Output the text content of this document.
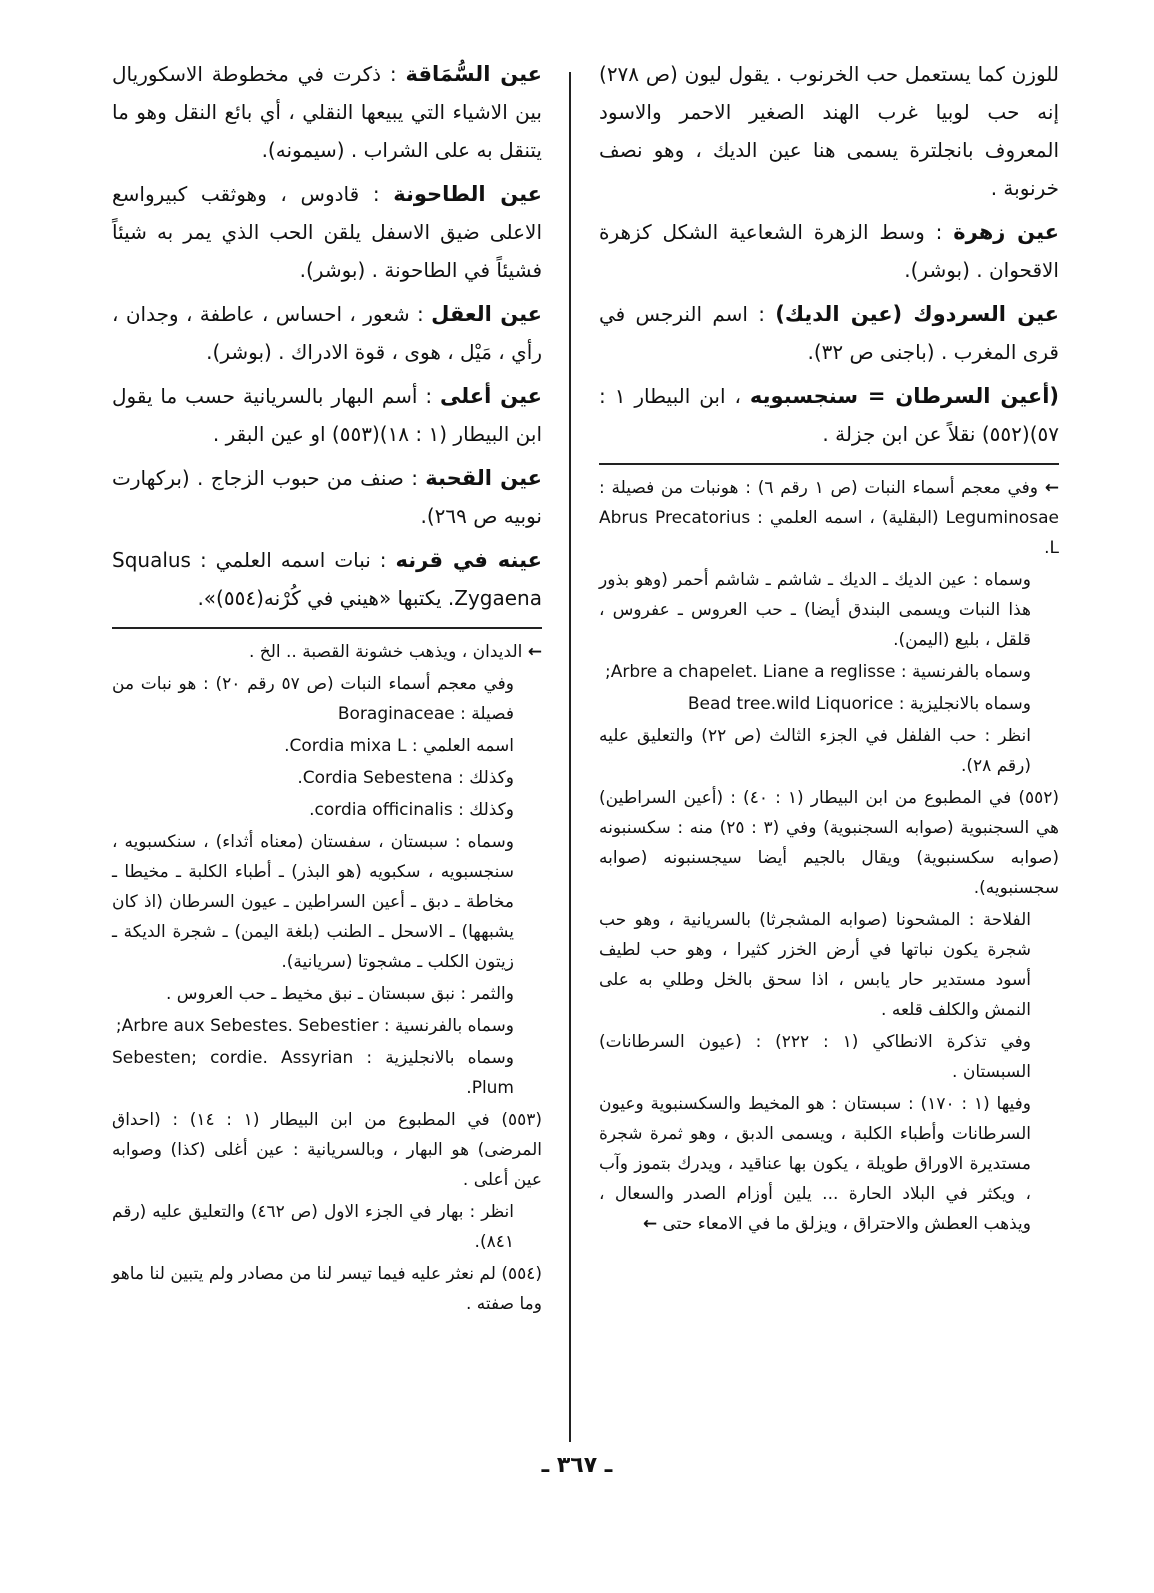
للوزن كما يستعمل حب الخرنوب . يقول ليون (ص ٢٧٨) إنه حب لوبيا غرب الهند الصغير الاحمر والاسود المعروف بانجلترة يسمى هنا عين الديك ، وهو نصف خرنوبة .

عين زهرة : وسط الزهرة الشعاعية الشكل كزهرة الاقحوان . (بوشر).

عين السردوك (عين الديك) : اسم النرجس في قرى المغرب . (باجنى ص ٣٢).

(أعين السرطان = سنجسبويه ، ابن البيطار ١ : ٥٧)(٥٥٢) نقلاً عن ابن جزلة .

← وفي معجم أسماء النبات (ص ١ رقم ٦) : هونبات من فصيلة : Leguminosae (البقلية) ، اسمه العلمي : Abrus Precatorius L.

وسماه : عين الديك ـ الديك ـ شاشم ـ شاشم أحمر (وهو بذور هذا النبات ويسمى البندق أيضا) ـ حب العروس ـ عفروس ، قلقل ، بليع (اليمن).

وسماه بالفرنسية : Arbre a chapelet. Liane a reglisse;

وسماه بالانجليزية : Bead tree.wild Liquorice

انظر : حب الفلفل في الجزء الثالث (ص ٢٢) والتعليق عليه (رقم ٢٨).

(٥٥٢) في المطبوع من ابن البيطار (١ : ٤٠) : (أعين السراطين) هي السجنبوية (صوابه السجنبوية) وفي (٣ : ٢٥) منه : سكسنبونه (صوابه سكسنبوية) ويقال بالجيم أيضا سيجسنبونه (صوابه سجسنبويه).

الفلاحة : المشحونا (صوابه المشجرثا) بالسريانية ، وهو حب شجرة يكون نباتها في أرض الخزر كثيرا ، وهو حب لطيف أسود مستدير حار يابس ، اذا سحق بالخل وطلي به على النمش والكلف قلعه .

وفي تذكرة الانطاكي (١ : ٢٢٢) : (عيون السرطانات) السبستان .

وفيها (١ : ١٧٠) : سبستان : هو المخيط والسكسنبوية وعيون السرطانات وأطباء الكلبة ، ويسمى الدبق ، وهو ثمرة شجرة مستديرة الاوراق طويلة ، يكون بها عناقيد ، ويدرك بتموز وآب ، ويكثر في البلاد الحارة ... يلين أوزام الصدر والسعال ، ويذهب العطش والاحتراق ، ويزلق ما في الامعاء حتى ←

عين السُّمَاقة : ذكرت في مخطوطة الاسكوريال بين الاشياء التي يبيعها النقلي ، أي بائع النقل وهو ما يتنقل به على الشراب . (سيمونه).

عين الطاحونة : قادوس ، وهوثقب كبيرواسع الاعلى ضيق الاسفل يلقن الحب الذي يمر به شيئاً فشيئاً في الطاحونة . (بوشر).

عين العقل : شعور ، احساس ، عاطفة ، وجدان ، رأي ، مَيْل ، هوى ، قوة الادراك . (بوشر).

عين أعلى : أسم البهار بالسريانية حسب ما يقول ابن البيطار (١ : ١٨)(٥٥٣) او عين البقر .

عين القحبة : صنف من حبوب الزجاج . (بركهارت نوبيه ص ٢٦٩).

عينه في قرنه : نبات اسمه العلمي : Squalus Zygaena. يكتبها «هيني في كُرْنه(٥٥٤)».

← الديدان ، ويذهب خشونة القصبة .. الخ .

وفي معجم أسماء النبات (ص ٥٧ رقم ٢٠) : هو نبات من فصيلة : Boraginaceae

اسمه العلمي : Cordia mixa L.

وكذلك : Cordia Sebestena.

وكذلك : cordia officinalis.

وسماه : سبستان ، سفستان (معناه أثداء) ، سنكسبويه ، سنجسبويه ، سكبويه (هو البذر) ـ أطباء الكلبة ـ مخيطا ـ مخاطة ـ دبق ـ أعين السراطين ـ عيون السرطان (اذ كان يشبهها) ـ الاسحل ـ الطنب (بلغة اليمن) ـ شجرة الديكة ـ زيتون الكلب ـ مشجوتا (سريانية).

والثمر : نبق سبستان ـ نبق مخيط ـ حب العروس .

وسماه بالفرنسية : Arbre aux Sebestes. Sebestier;

وسماه بالانجليزية : Sebesten; cordie. Assyrian Plum.

(٥٥٣) في المطبوع من ابن البيطار (١ : ١٤) : (احداق المرضى) هو البهار ، وبالسريانية : عين أغلى (كذا) وصوابه عين أعلى .

انظر : بهار في الجزء الاول (ص ٤٦٢) والتعليق عليه (رقم ٨٤١).

(٥٥٤) لم نعثر عليه فيما تيسر لنا من مصادر ولم يتبين لنا ماهو وما صفته .

ـ ٣٦٧ ـ
